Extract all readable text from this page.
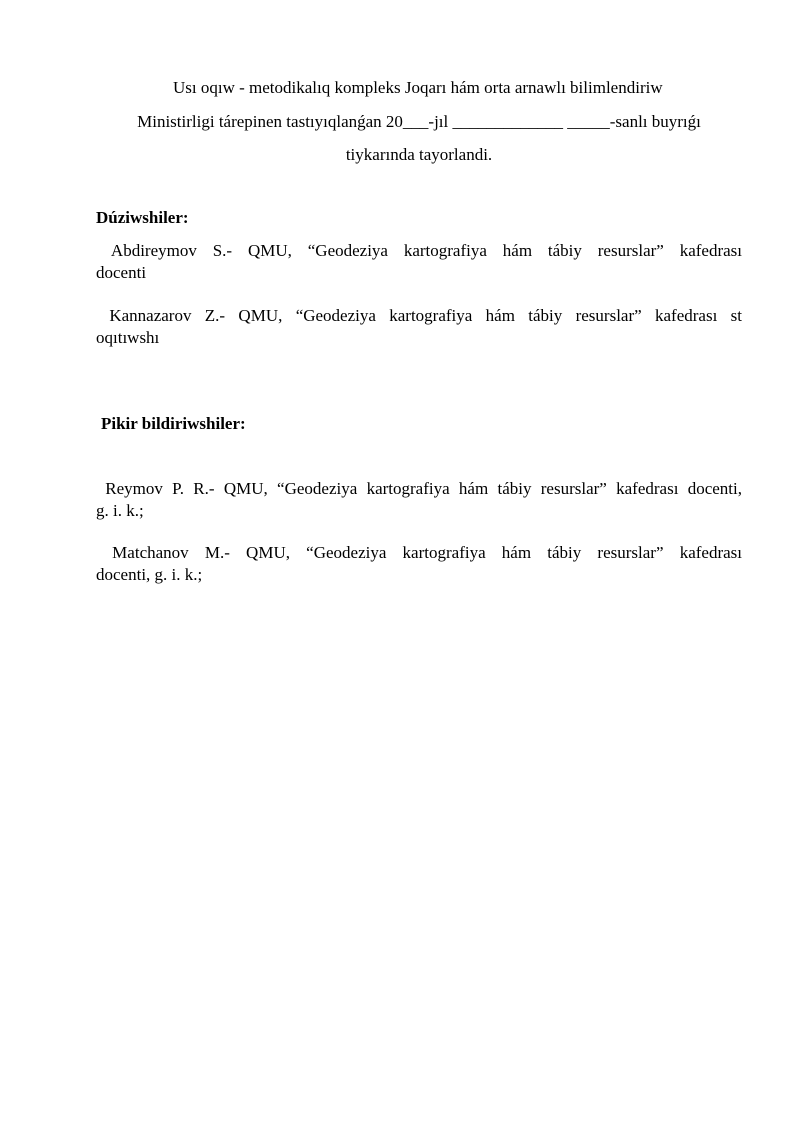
Usı oqıw - metodikalıq kompleks Joqarı hám orta arnawlı bilimlendiriw
Ministirligi tárepinen tastıyıqlanǵan 20___-jıl _____________ _____-sanlı buyrıǵı
tiykarında tayorlandi.
Dúziwshiler:
Abdireymov  S.-  QMU,  “Geodeziya  kartografiya  hám  tábiy  resurslar”  kafedrası
docenti
Kannazarov  Z.-  QMU,  “Geodeziya  kartografiya  hám  tábiy  resurslar”  kafedrası  st
oqıtıwshı
Pikir bildiriwshiler:
Reymov P. R.- QMU, “Geodeziya kartografiya hám tábiy resurslar” kafedrası docenti,
g. i. k.;
Matchanov  M.-  QMU,  “Geodeziya  kartografiya  hám  tábiy  resurslar”  kafedrası
docenti, g. i. k.;
